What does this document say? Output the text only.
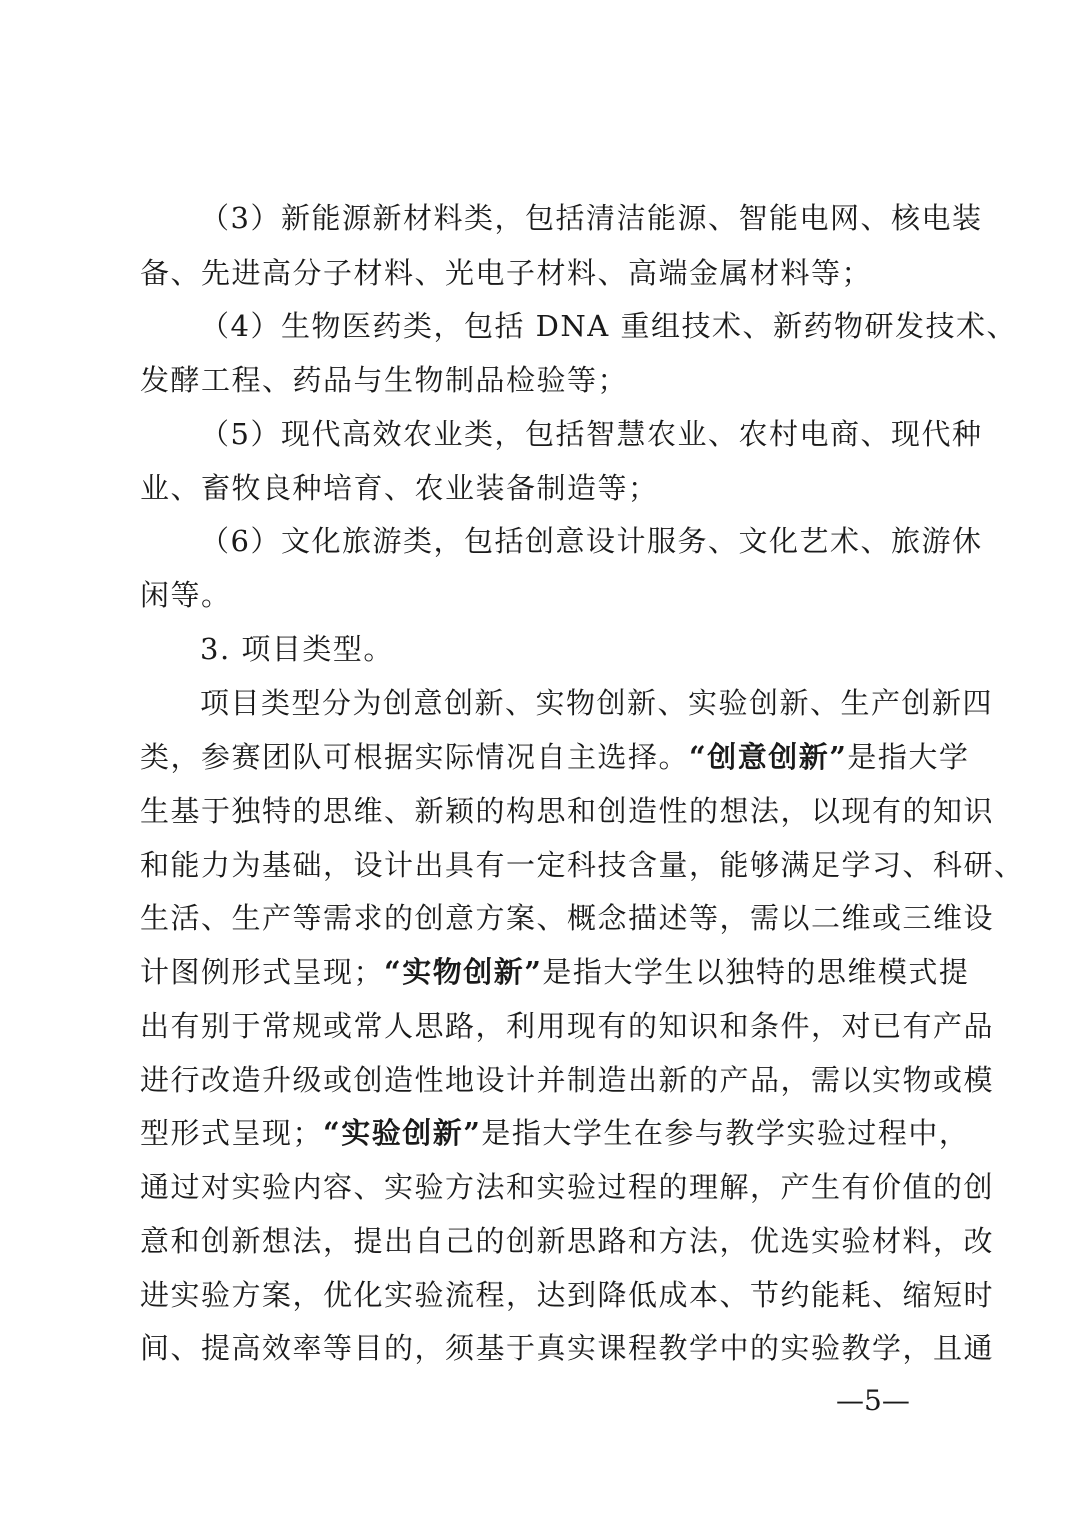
（3）新能源新材料类，包括清洁能源、智能电网、核电装
备、先进高分子材料、光电子材料、高端金属材料等；
（4）生物医药类，包括 DNA 重组技术、新药物研发技术、
发酵工程、药品与生物制品检验等；
（5）现代高效农业类，包括智慧农业、农村电商、现代种
业、畜牧良种培育、农业装备制造等；
（6）文化旅游类，包括创意设计服务、文化艺术、旅游休
闲等。
3. 项目类型。
项目类型分为创意创新、实物创新、实验创新、生产创新四
类，参赛团队可根据实际情况自主选择。“创意创新”是指大学
生基于独特的思维、新颖的构思和创造性的想法，以现有的知识
和能力为基础，设计出具有一定科技含量，能够满足学习、科研、
生活、生产等需求的创意方案、概念描述等，需以二维或三维设
计图例形式呈现；“实物创新”是指大学生以独特的思维模式提
出有别于常规或常人思路，利用现有的知识和条件，对已有产品
进行改造升级或创造性地设计并制造出新的产品，需以实物或模
型形式呈现；“实验创新”是指大学生在参与教学实验过程中，
通过对实验内容、实验方法和实验过程的理解，产生有价值的创
意和创新想法，提出自己的创新思路和方法，优选实验材料，改
进实验方案，优化实验流程，达到降低成本、节约能耗、缩短时
间、提高效率等目的，须基于真实课程教学中的实验教学，且通
—5—
